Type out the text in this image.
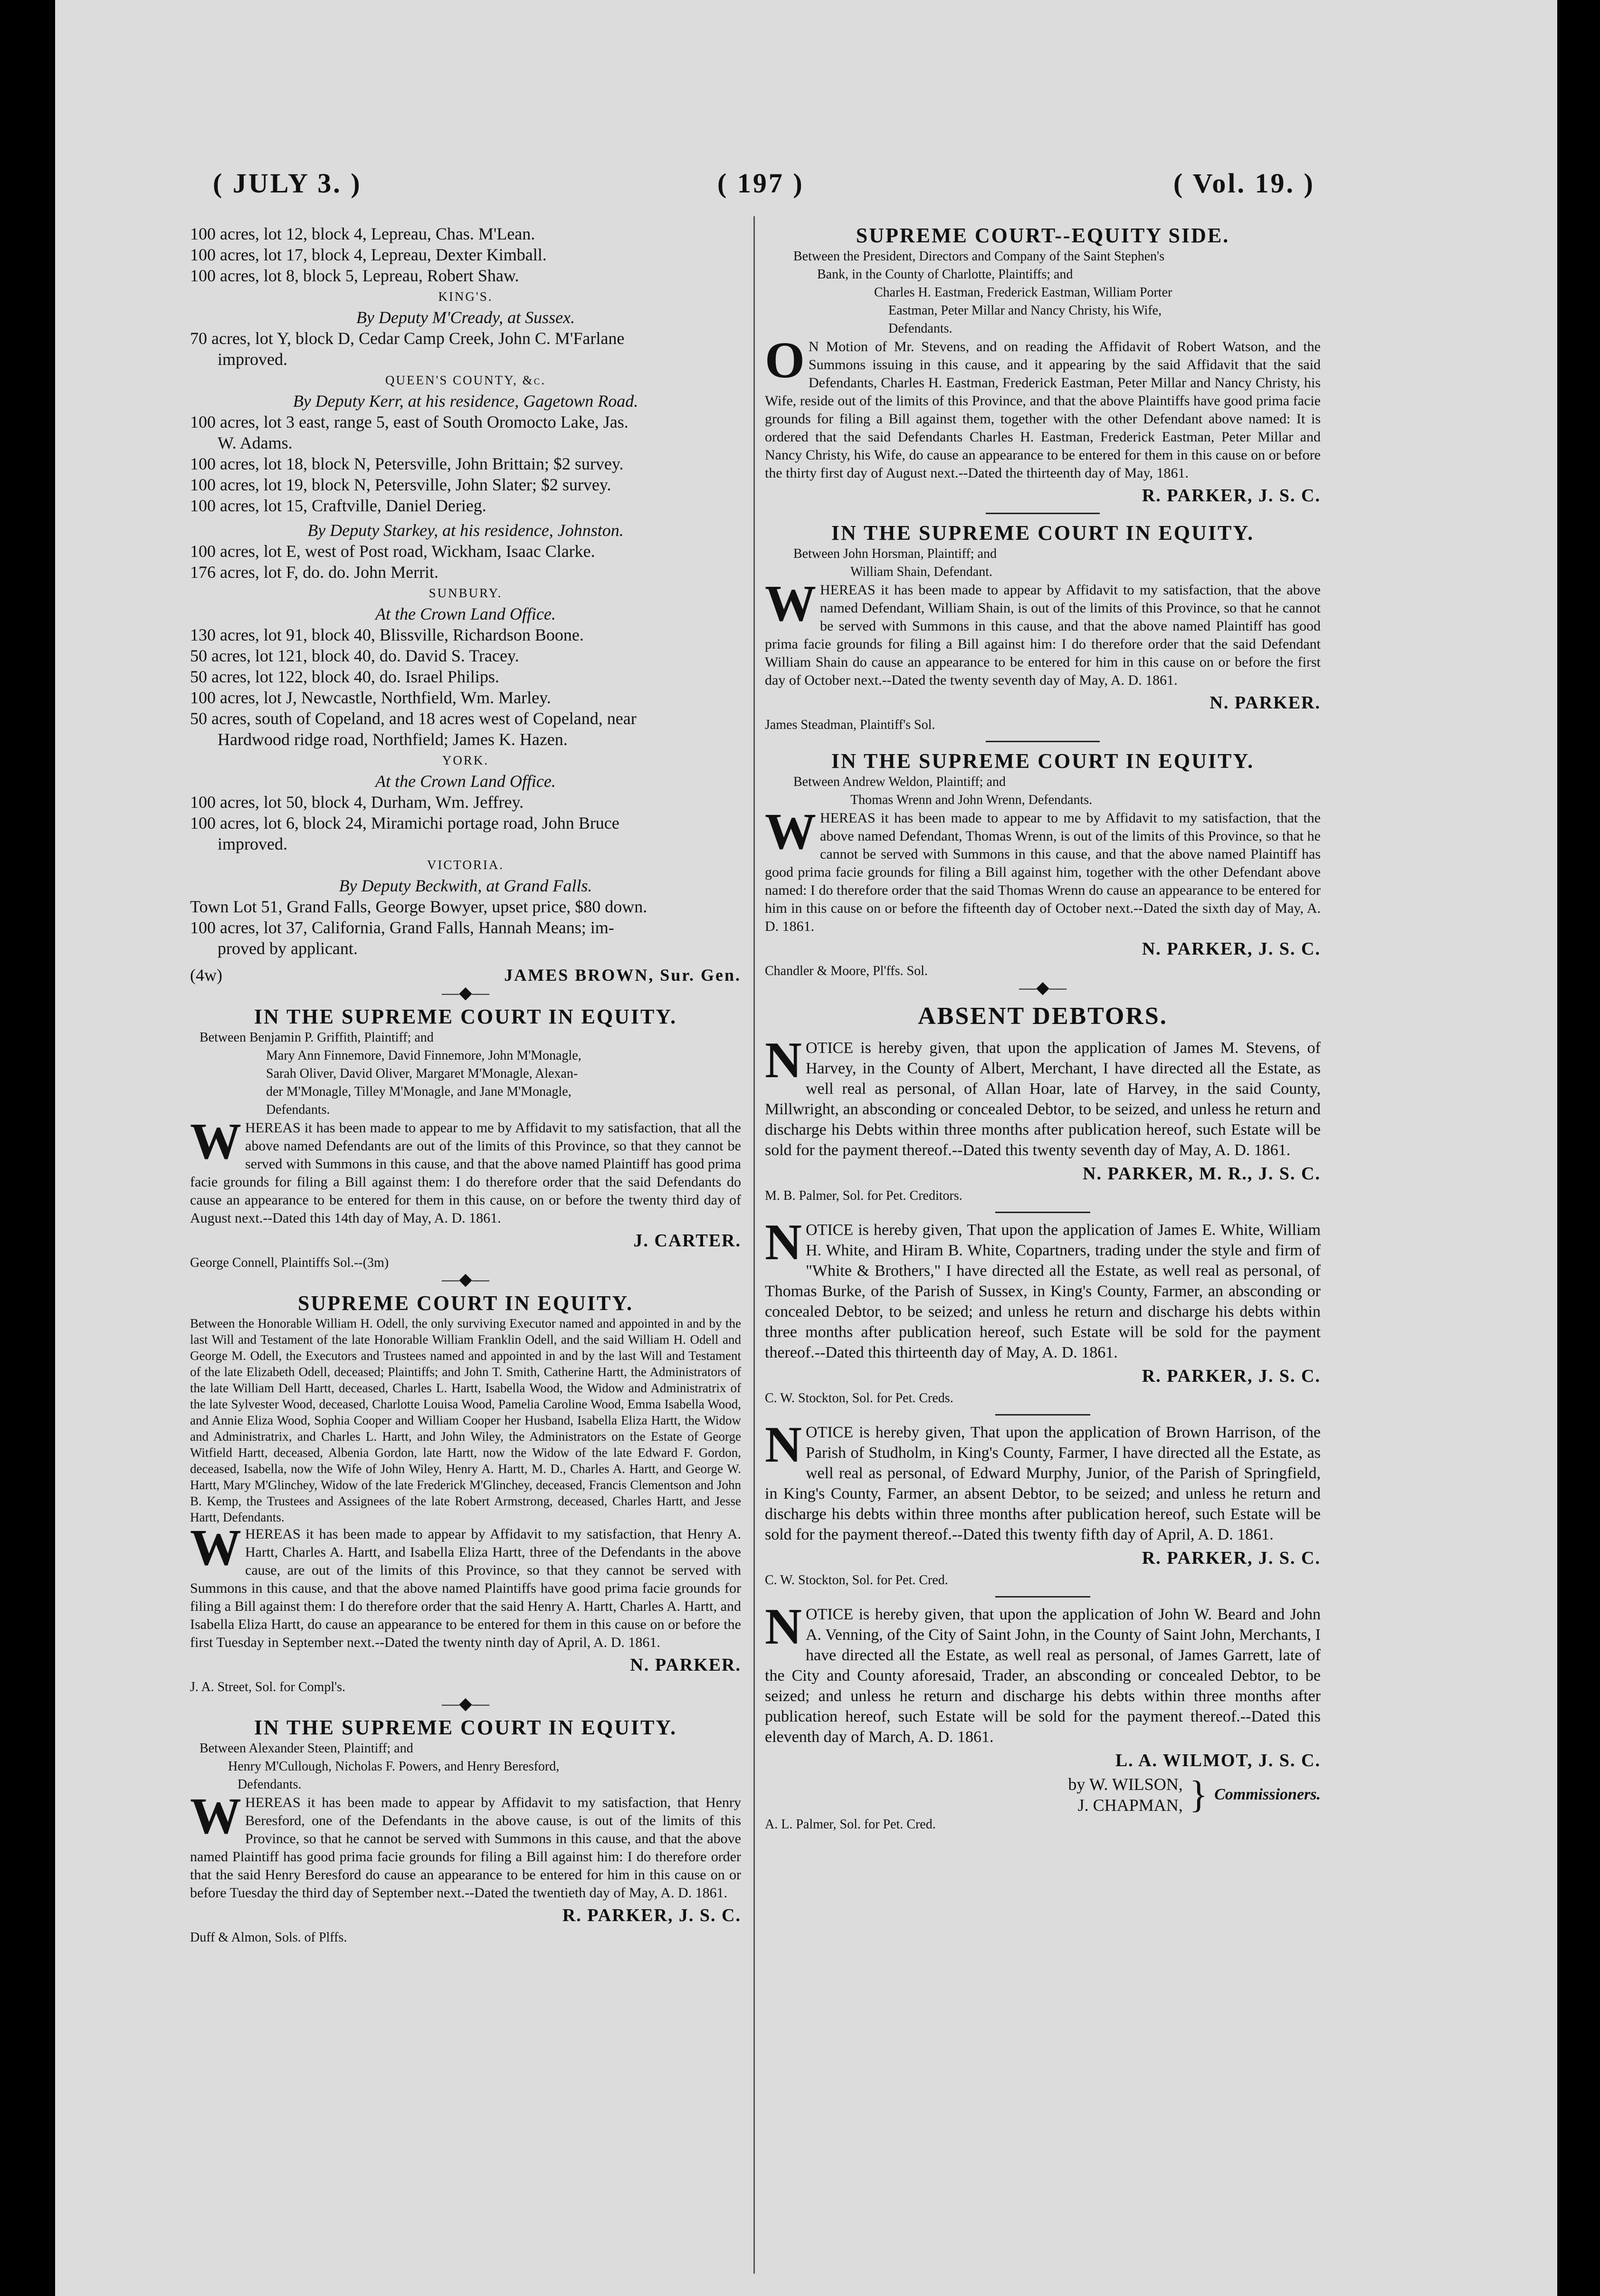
( JULY 3. )	( 197 )	( Vol. 19. )
100 acres, lot 12, block 4, Lepreau, Chas. M'Lean.
100 acres, lot 17, block 4, Lepreau, Dexter Kimball.
100 acres, lot 8, block 5, Lepreau, Robert Shaw.
KING'S.
By Deputy M'Cready, at Sussex.
70 acres, lot Y, block D, Cedar Camp Creek, John C. M'Farlane
improved.
QUEEN'S COUNTY, &c.
By Deputy Kerr, at his residence, Gagetown Road.
100 acres, lot 3 east, range 5, east of South Oromocto Lake, Jas.
W. Adams.
100 acres, lot 18, block N, Petersville, John Brittain; $2 survey.
100 acres, lot 19, block N, Petersville, John Slater; $2 survey.
100 acres, lot 15, Craftville, Daniel Derieg.
By Deputy Starkey, at his residence, Johnston.
100 acres, lot E, west of Post road, Wickham, Isaac Clarke.
176 acres, lot F, do. do. John Merrit.
SUNBURY.
At the Crown Land Office.
130 acres, lot 91, block 40, Blissville, Richardson Boone.
50 acres, lot 121, block 40, do. David S. Tracey.
50 acres, lot 122, block 40, do. Israel Philips.
100 acres, lot J, Newcastle, Northfield, Wm. Marley.
50 acres, south of Copeland, and 18 acres west of Copeland, near
Hardwood ridge road, Northfield; James K. Hazen.
YORK.
At the Crown Land Office.
100 acres, lot 50, block 4, Durham, Wm. Jeffrey.
100 acres, lot 6, block 24, Miramichi portage road, John Bruce
improved.
VICTORIA.
By Deputy Beckwith, at Grand Falls.
Town Lot 51, Grand Falls, George Bowyer, upset price, $80 down.
100 acres, lot 37, California, Grand Falls, Hannah Means; im-
proved by applicant.
(4w)	JAMES BROWN, Sur. Gen.
—◆—
IN THE SUPREME COURT IN EQUITY.
Between Benjamin P. Griffith, Plaintiff; and
Mary Ann Finnemore, David Finnemore, John M'Monagle,
Sarah Oliver, David Oliver, Margaret M'Monagle, Alexan-
der M'Monagle, Tilley M'Monagle, and Jane M'Monagle,
Defendants.
W HEREAS it has been made to appear to me by Affidavit to my satisfaction, that all the above named Defendants are out of the limits of this Province, so that they cannot be served with Summons in this cause, and that the above named Plaintiff has good prima facie grounds for filing a Bill against them: I do therefore order that the said Defendants do cause an appearance to be entered for them in this cause, on or before the twenty third day of August next.--Dated this 14th day of May, A. D. 1861.
J. CARTER.
George Connell, Plaintiffs Sol.--(3m)
—◆—
SUPREME COURT IN EQUITY.
Between the Honorable William H. Odell, the only surviving Executor named and appointed in and by the last Will and Testament of the late Honorable William Franklin Odell, and the said William H. Odell and George M. Odell, the Executors and Trustees named and appointed in and by the last Will and Testament of the late Elizabeth Odell, deceased; Plaintiffs; and John T. Smith, Catherine Hartt, the Administrators of the late William Dell Hartt, deceased, Charles L. Hartt, Isabella Wood, the Widow and Administratrix of the late Sylvester Wood, deceased, Charlotte Louisa Wood, Pamelia Caroline Wood, Emma Isabella Wood, and Annie Eliza Wood, Sophia Cooper and William Cooper her Husband, Isabella Eliza Hartt, the Widow and Administratrix, and Charles L. Hartt, and John Wiley, the Administrators on the Estate of George Witfield Hartt, deceased, Albenia Gordon, late Hartt, now the Widow of the late Edward F. Gordon, deceased, Isabella, now the Wife of John Wiley, Henry A. Hartt, M. D., Charles A. Hartt, and George W. Hartt, Mary M'Glinchey, Widow of the late Frederick M'Glinchey, deceased, Francis Clementson and John B. Kemp, the Trustees and Assignees of the late Robert Armstrong, deceased, Charles Hartt, and Jesse Hartt, Defendants.
W HEREAS it has been made to appear by Affidavit to my satisfaction, that Henry A. Hartt, Charles A. Hartt, and Isabella Eliza Hartt, three of the Defendants in the above cause, are out of the limits of this Province, so that they cannot be served with Summons in this cause, and that the above named Plaintiffs have good prima facie grounds for filing a Bill against them: I do therefore order that the said Henry A. Hartt, Charles A. Hartt, and Isabella Eliza Hartt, do cause an appearance to be entered for them in this cause on or before the first Tuesday in September next.--Dated the twenty ninth day of April, A. D. 1861.
N. PARKER.
J. A. Street, Sol. for Compl's.
—◆—
IN THE SUPREME COURT IN EQUITY.
Between Alexander Steen, Plaintiff; and
Henry M'Cullough, Nicholas F. Powers, and Henry Beresford,
Defendants.
W HEREAS it has been made to appear by Affidavit to my satisfaction, that Henry Beresford, one of the Defendants in the above cause, is out of the limits of this Province, so that he cannot be served with Summons in this cause, and that the above named Plaintiff has good prima facie grounds for filing a Bill against him: I do therefore order that the said Henry Beresford do cause an appearance to be entered for him in this cause on or before Tuesday the third day of September next.--Dated the twentieth day of May, A. D. 1861.
R. PARKER, J. S. C.
Duff & Almon, Sols. of Plffs.
SUPREME COURT--EQUITY SIDE.
Between the President, Directors and Company of the Saint Stephen's
Bank, in the County of Charlotte, Plaintiffs; and
Charles H. Eastman, Frederick Eastman, William Porter
Eastman, Peter Millar and Nancy Christy, his Wife,
Defendants.
O N Motion of Mr. Stevens, and on reading the Affidavit of Robert Watson, and the Summons issuing in this cause, and it appearing by the said Affidavit that the said Defendants, Charles H. Eastman, Frederick Eastman, Peter Millar and Nancy Christy, his Wife, reside out of the limits of this Province, and that the above Plaintiffs have good prima facie grounds for filing a Bill against them, together with the other Defendant above named: It is ordered that the said Defendants Charles H. Eastman, Frederick Eastman, Peter Millar and Nancy Christy, his Wife, do cause an appearance to be entered for them in this cause on or before the thirty first day of August next.--Dated the thirteenth day of May, 1861.
R. PARKER, J. S. C.
IN THE SUPREME COURT IN EQUITY.
Between John Horsman, Plaintiff; and
William Shain, Defendant.
W HEREAS it has been made to appear by Affidavit to my satisfaction, that the above named Defendant, William Shain, is out of the limits of this Province, so that he cannot be served with Summons in this cause, and that the above named Plaintiff has good prima facie grounds for filing a Bill against him: I do therefore order that the said Defendant William Shain do cause an appearance to be entered for him in this cause on or before the first day of October next.--Dated the twenty seventh day of May, A. D. 1861.
N. PARKER.
James Steadman, Plaintiff's Sol.
IN THE SUPREME COURT IN EQUITY.
Between Andrew Weldon, Plaintiff; and
Thomas Wrenn and John Wrenn, Defendants.
W HEREAS it has been made to appear to me by Affidavit to my satisfaction, that the above named Defendant, Thomas Wrenn, is out of the limits of this Province, so that he cannot be served with Summons in this cause, and that the above named Plaintiff has good prima facie grounds for filing a Bill against him, together with the other Defendant above named: I do therefore order that the said Thomas Wrenn do cause an appearance to be entered for him in this cause on or before the fifteenth day of October next.--Dated the sixth day of May, A. D. 1861.
N. PARKER, J. S. C.
Chandler & Moore, Pl'ffs. Sol.
—◆—
ABSENT DEBTORS.
N OTICE is hereby given, that upon the application of James M. Stevens, of Harvey, in the County of Albert, Merchant, I have directed all the Estate, as well real as personal, of Allan Hoar, late of Harvey, in the said County, Millwright, an absconding or concealed Debtor, to be seized, and unless he return and discharge his Debts within three months after publication hereof, such Estate will be sold for the payment thereof.--Dated this twenty seventh day of May, A. D. 1861.
N. PARKER, M. R., J. S. C.
M. B. Palmer, Sol. for Pet. Creditors.
N OTICE is hereby given, That upon the application of James E. White, William H. White, and Hiram B. White, Copartners, trading under the style and firm of "White & Brothers," I have directed all the Estate, as well real as personal, of Thomas Burke, of the Parish of Sussex, in King's County, Farmer, an absconding or concealed Debtor, to be seized; and unless he return and discharge his debts within three months after publication hereof, such Estate will be sold for the payment thereof.--Dated this thirteenth day of May, A. D. 1861.
R. PARKER, J. S. C.
C. W. Stockton, Sol. for Pet. Creds.
N OTICE is hereby given, That upon the application of Brown Harrison, of the Parish of Studholm, in King's County, Farmer, I have directed all the Estate, as well real as personal, of Edward Murphy, Junior, of the Parish of Springfield, in King's County, Farmer, an absent Debtor, to be seized; and unless he return and discharge his debts within three months after publication hereof, such Estate will be sold for the payment thereof.--Dated this twenty fifth day of April, A. D. 1861.
R. PARKER, J. S. C.
C. W. Stockton, Sol. for Pet. Cred.
N OTICE is hereby given, that upon the application of John W. Beard and John A. Venning, of the City of Saint John, in the County of Saint John, Merchants, I have directed all the Estate, as well real as personal, of James Garrett, late of the City and County aforesaid, Trader, an absconding or concealed Debtor, to be seized; and unless he return and discharge his debts within three months after publication hereof, such Estate will be sold for the payment thereof.--Dated this eleventh day of March, A. D. 1861.
L. A. WILMOT, J. S. C.
by W. WILSON,
J. CHAPMAN, } Commissioners.
A. L. Palmer, Sol. for Pet. Cred.
